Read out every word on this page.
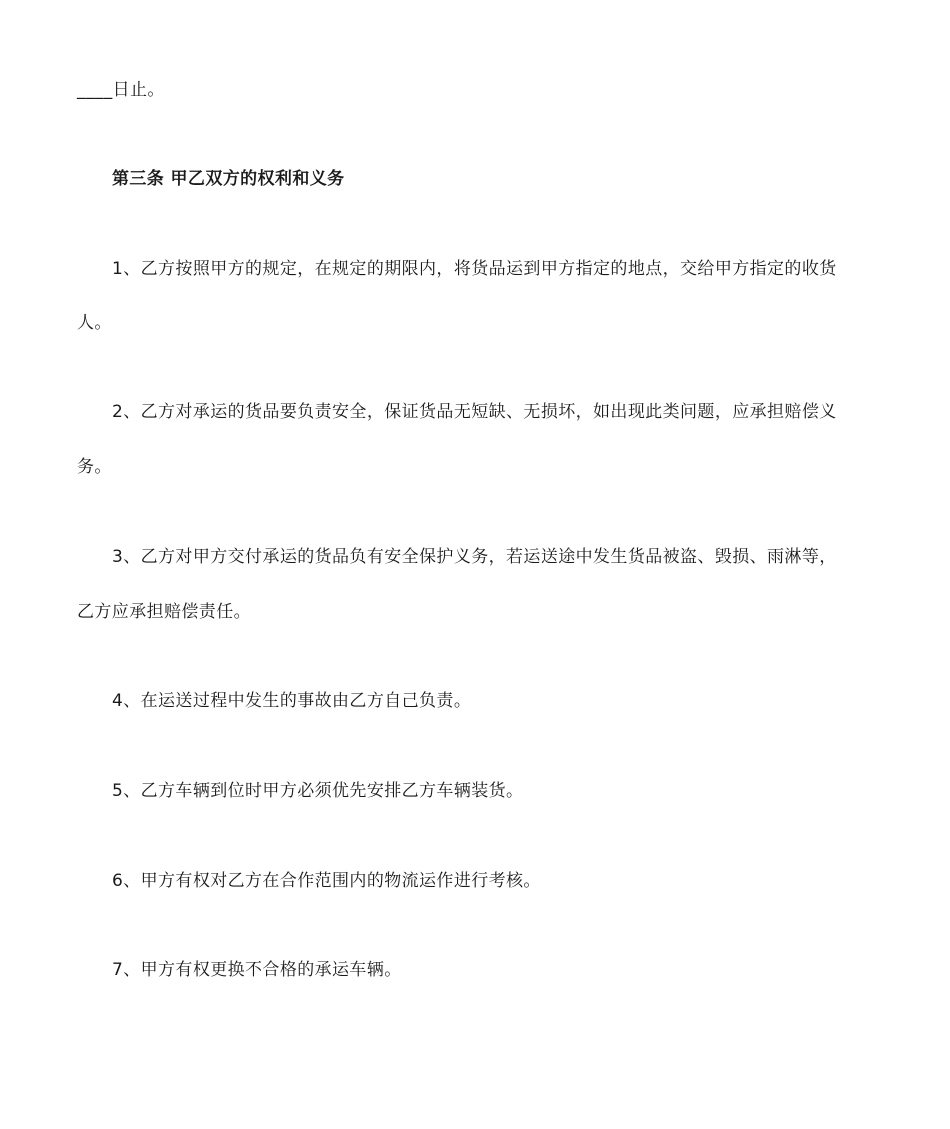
____日止。
第三条 甲乙双方的权利和义务
1、乙方按照甲方的规定，在规定的期限内，将货品运到甲方指定的地点，交给甲方指定的收货
人。
2、乙方对承运的货品要负责安全，保证货品无短缺、无损坏，如出现此类问题，应承担赔偿义
务。
3、乙方对甲方交付承运的货品负有安全保护义务，若运送途中发生货品被盗、毁损、雨淋等，
乙方应承担赔偿责任。
4、在运送过程中发生的事故由乙方自己负责。
5、乙方车辆到位时甲方必须优先安排乙方车辆装货。
6、甲方有权对乙方在合作范围内的物流运作进行考核。
7、甲方有权更换不合格的承运车辆。
